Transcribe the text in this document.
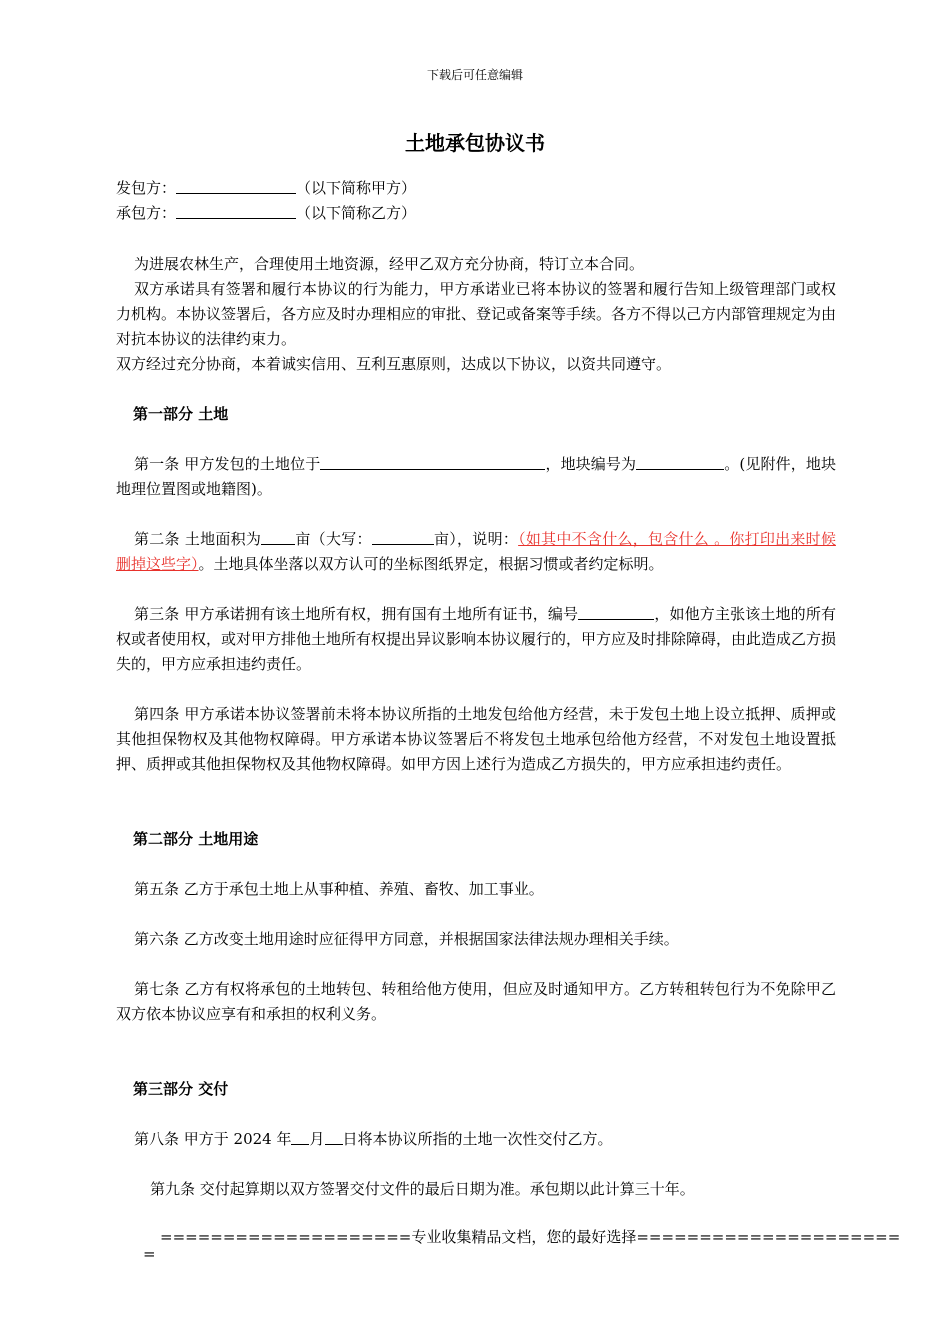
下载后可任意编辑
土地承包协议书

发包方：	（以下简称甲方）

承包方：	（以下简称乙方）

为进展农林生产，合理使用土地资源，经甲乙双方充分协商，特订立本合同。

双方承诺具有签署和履行本协议的行为能力，甲方承诺业已将本协议的签署和履行告知上级管理部门或权力机构。本协议签署后，各方应及时办理相应的审批、登记或备案等手续。各方不得以己方内部管理规定为由对抗本协议的法律约束力。

双方经过充分协商，本着诚实信用、互利互惠原则，达成以下协议，以资共同遵守。

第一部分 土地

第一条 甲方发包的土地位于	，地块编号为	。(见附件，地块地理位置图或地籍图)。

第二条 土地面积为 亩（大写：	亩），说明：（如其中不含什么，包含什么 。你打印出来时候删掉这些字）。土地具体坐落以双方认可的坐标图纸界定，根据习惯或者约定标明。

第三条 甲方承诺拥有该土地所有权，拥有国有土地所有证书，编号	，如他方主张该土地的所有权或者使用权，或对甲方排他土地所有权提出异议影响本协议履行的，甲方应及时排除障碍，由此造成乙方损失的，甲方应承担违约责任。

第四条 甲方承诺本协议签署前未将本协议所指的土地发包给他方经营，未于发包土地上设立抵押、质押或其他担保物权及其他物权障碍。甲方承诺本协议签署后不将发包土地承包给他方经营，不对发包土地设置抵押、质押或其他担保物权及其他物权障碍。如甲方因上述行为造成乙方损失的，甲方应承担违约责任。

第二部分 土地用途

第五条 乙方于承包土地上从事种植、养殖、畜牧、加工事业。

第六条 乙方改变土地用途时应征得甲方同意，并根据国家法律法规办理相关手续。

第七条 乙方有权将承包的土地转包、转租给他方使用，但应及时通知甲方。乙方转租转包行为不免除甲乙双方依本协议应享有和承担的权利义务。

第三部分 交付

第八条 甲方于 2024 年 月 日将本协议所指的土地一次性交付乙方。

第九条 交付起算期以双方签署交付文件的最后日期为准。承包期以此计算三十年。

====================专业收集精品文档，您的最好选择=====================
=
